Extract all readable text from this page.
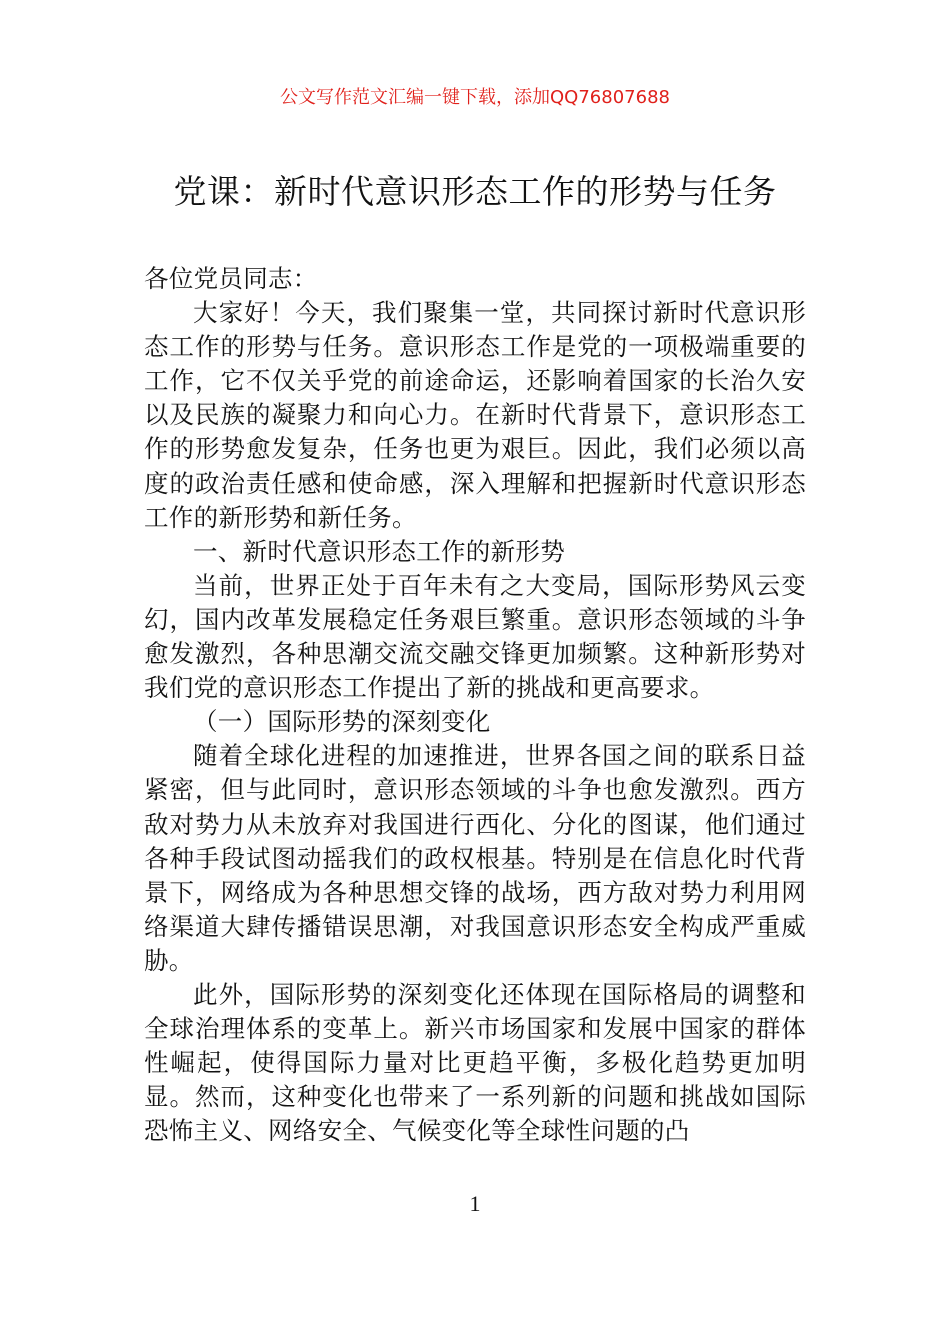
公文写作范文汇编一键下载，添加QQ76807688
党课：新时代意识形态工作的形势与任务

各位党员同志：

大家好！今天，我们聚集一堂，共同探讨新时代意识形态工作的形势与任务。意识形态工作是党的一项极端重要的工作，它不仅关乎党的前途命运，还影响着国家的长治久安以及民族的凝聚力和向心力。在新时代背景下，意识形态工作的形势愈发复杂，任务也更为艰巨。因此，我们必须以高度的政治责任感和使命感，深入理解和把握新时代意识形态工作的新形势和新任务。

一、新时代意识形态工作的新形势

当前，世界正处于百年未有之大变局，国际形势风云变幻，国内改革发展稳定任务艰巨繁重。意识形态领域的斗争愈发激烈，各种思潮交流交融交锋更加频繁。这种新形势对我们党的意识形态工作提出了新的挑战和更高要求。

（一）国际形势的深刻变化

随着全球化进程的加速推进，世界各国之间的联系日益紧密，但与此同时，意识形态领域的斗争也愈发激烈。西方敌对势力从未放弃对我国进行西化、分化的图谋，他们通过各种手段试图动摇我们的政权根基。特别是在信息化时代背景下，网络成为各种思想交锋的战场，西方敌对势力利用网络渠道大肆传播错误思潮，对我国意识形态安全构成严重威胁。

此外，国际形势的深刻变化还体现在国际格局的调整和全球治理体系的变革上。新兴市场国家和发展中国家的群体性崛起，使得国际力量对比更趋平衡，多极化趋势更加明显。然而，这种变化也带来了一系列新的问题和挑战如国际恐怖主义、网络安全、气候变化等全球性问题的凸

1
